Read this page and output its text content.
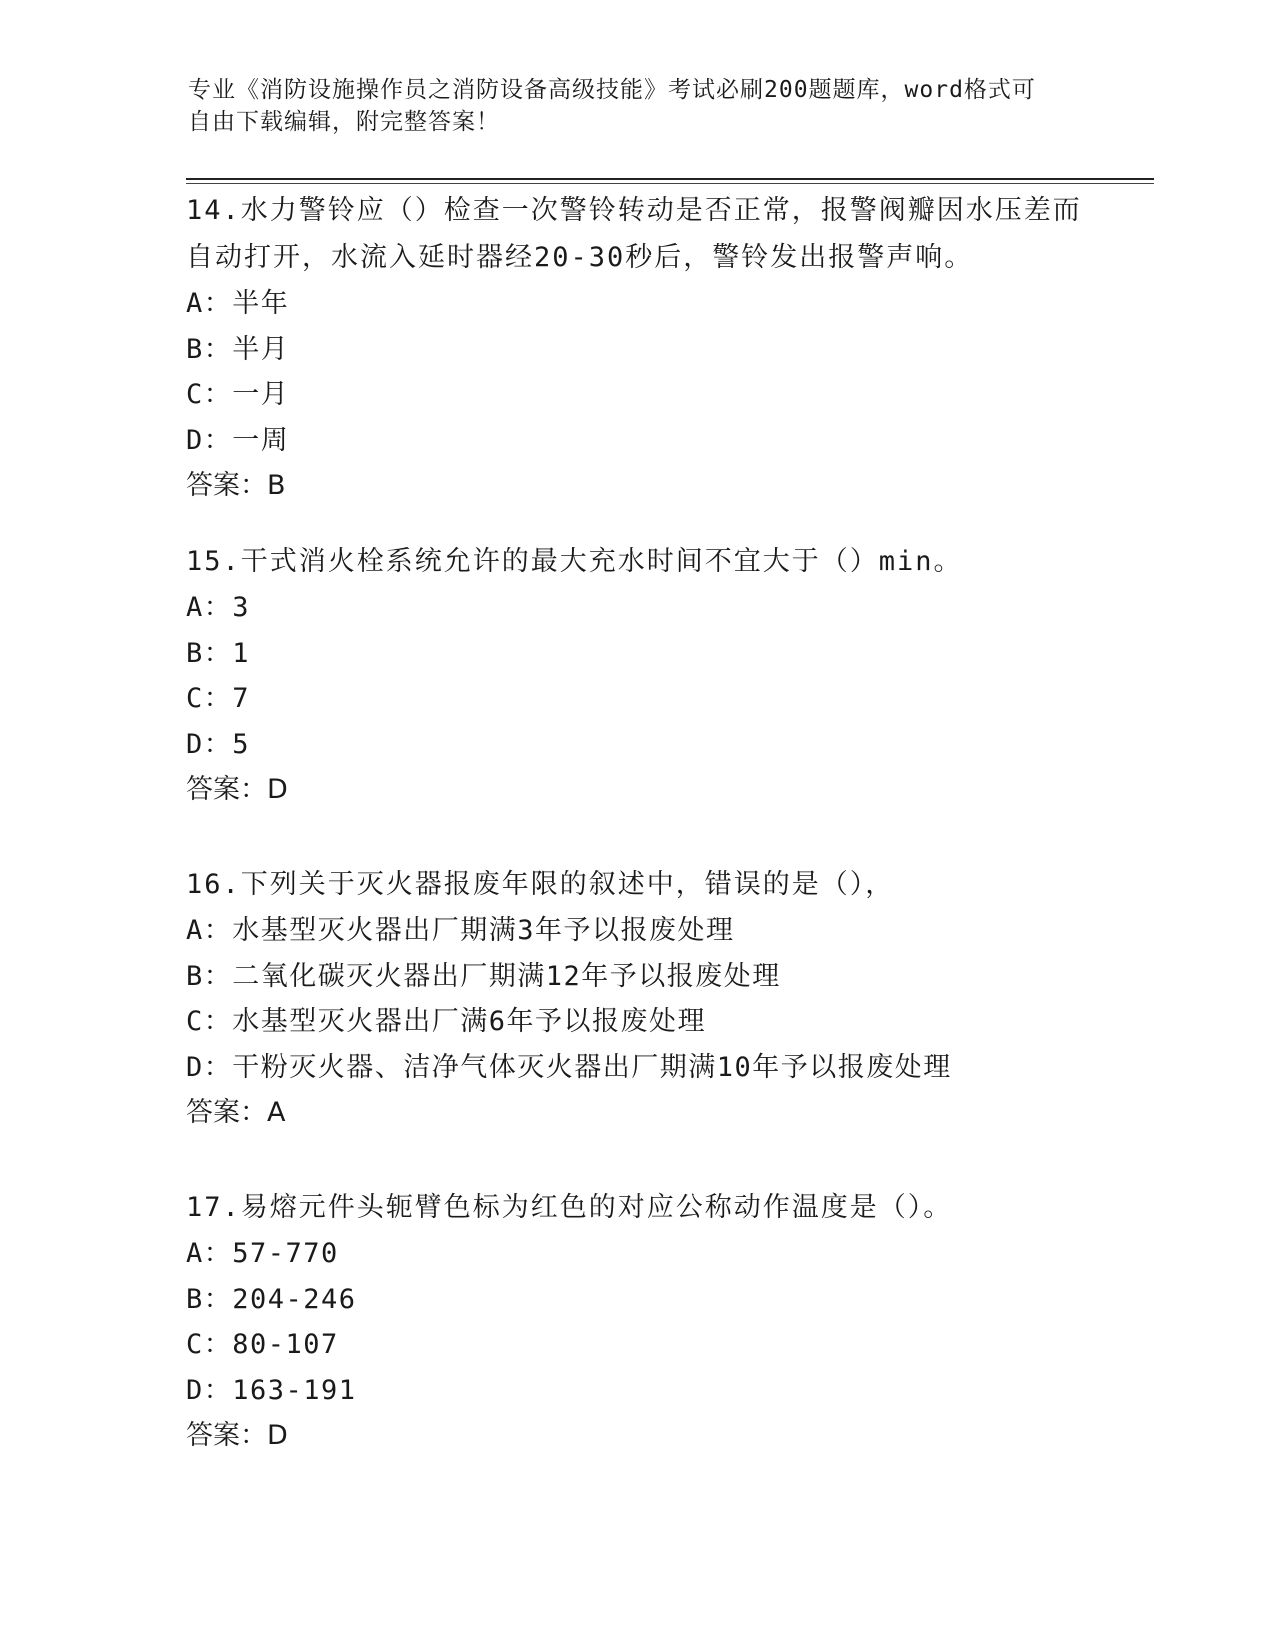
专业《消防设施操作员之消防设备高级技能》考试必刷200题题库，word格式可
自由下载编辑，附完整答案！
14.水力警铃应（）检查一次警铃转动是否正常，报警阀瓣因水压差而
自动打开，水流入延时器经20-30秒后，警铃发出报警声响。
A：半年
B：半月
C：一月
D：一周
答案：B
15.干式消火栓系统允许的最大充水时间不宜大于（）min。
A：3
B：1
C：7
D：5
答案：D
16.下列关于灭火器报废年限的叙述中，错误的是（），
A：水基型灭火器出厂期满3年予以报废处理
B：二氧化碳灭火器出厂期满12年予以报废处理
C：水基型灭火器出厂满6年予以报废处理
D：干粉灭火器、洁净气体灭火器出厂期满10年予以报废处理
答案：A
17.易熔元件头轭臂色标为红色的对应公称动作温度是（）。
A：57-770
B：204-246
C：80-107
D：163-191
答案：D
